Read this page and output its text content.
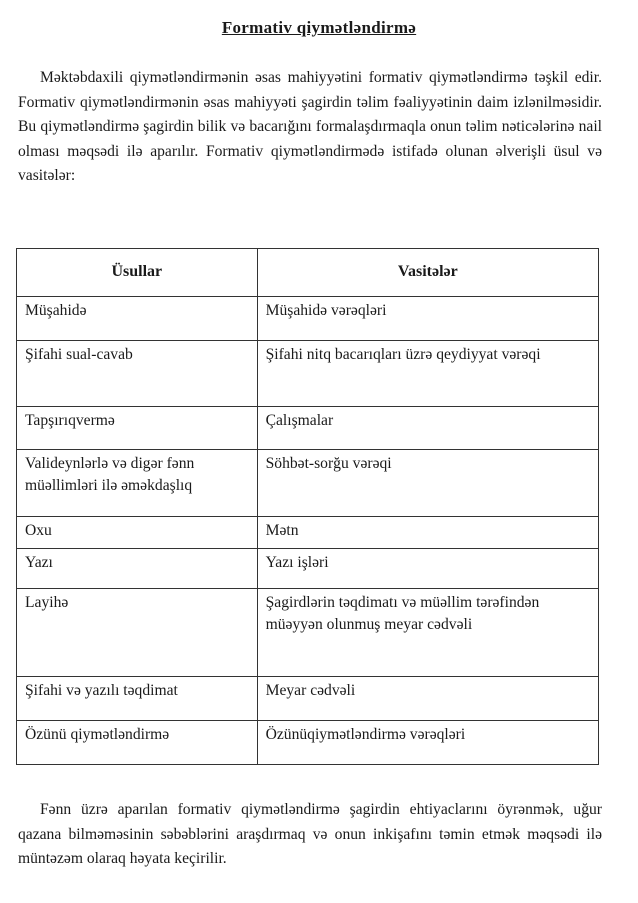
Formativ qiymətləndirmə

Məktəbdaxili qiymətləndirmənin əsas mahiyyətini formativ qiymətləndirmə təşkil edir. Formativ qiymətləndirmənin əsas mahiyyəti şagirdin təlim fəaliyyətinin daim izlənilməsidir. Bu qiymətləndirmə şagirdin bilik və bacarığını formalaşdırmaqla onun təlim nəticələrinə nail olması məqsədi ilə aparılır. Formativ qiymətləndirmədə istifadə olunan əlverişli üsul və vasitələr:

Üsullar	Vasitələr
Müşahidə	Müşahidə vərəqləri
Şifahi sual-cavab	Şifahi nitq bacarıqları üzrə qeydiyyat vərəqi
Tapşırıqvermə	Çalışmalar
Valideynlərlə və digər fənn müəllimləri ilə əməkdaşlıq	Söhbət-sorğu vərəqi
Oxu	Mətn
Yazı	Yazı işləri
Layihə	Şagirdlərin təqdimatı və müəllim tərəfindən müəyyən olunmuş meyar cədvəli
Şifahi və yazılı təqdimat	Meyar cədvəli
Özünü qiymətləndirmə	Özünüqiymətləndirmə vərəqləri

Fənn üzrə aparılan formativ qiymətləndirmə şagirdin ehtiyaclarını öyrənmək, uğur qazana bilməməsinin səbəblərini araşdırmaq və onun inkişafını təmin etmək məqsədi ilə müntəzəm olaraq həyata keçirilir.
